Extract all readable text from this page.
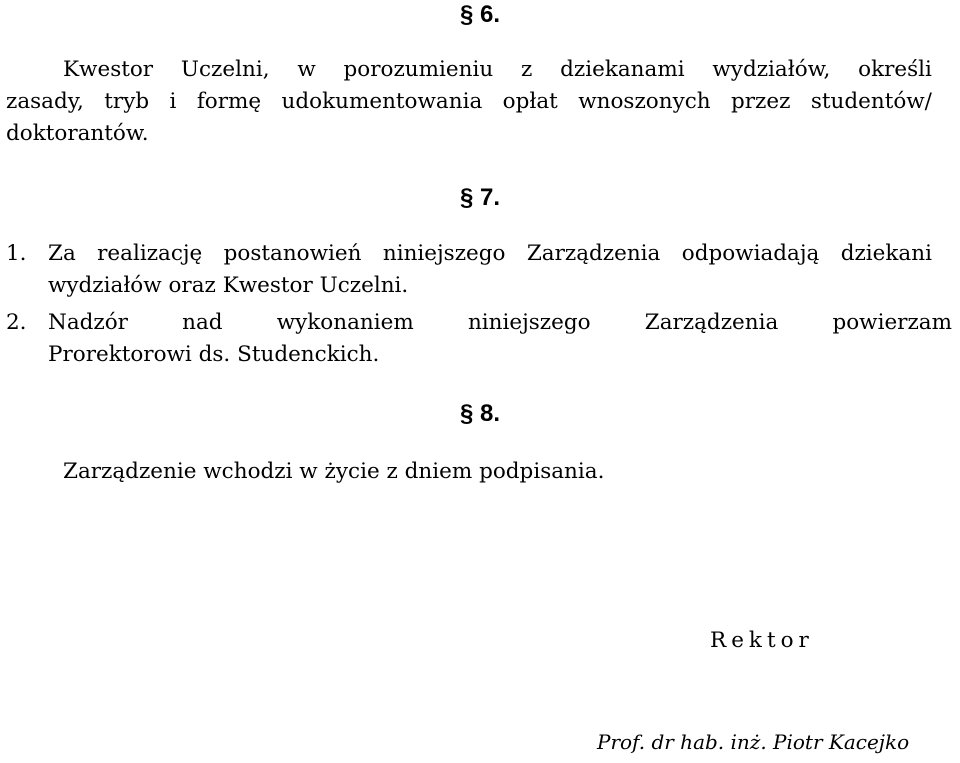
§ 6.
Kwestor Uczelni, w porozumieniu z dziekanami wydziałów, określi
zasady, tryb i formę udokumentowania opłat wnoszonych przez studentów/
doktorantów.
§ 7.
1. Za realizację postanowień niniejszego Zarządzenia odpowiadają dziekani
wydziałów oraz Kwestor Uczelni.
2. Nadzór	nad	wykonaniem	niniejszego	Zarządzenia	powierzam
Prorektorowi ds. Studenckich.
§ 8.
Zarządzenie wchodzi w życie z dniem podpisania.
Rektor
Prof. dr hab. inż. Piotr Kacejko
